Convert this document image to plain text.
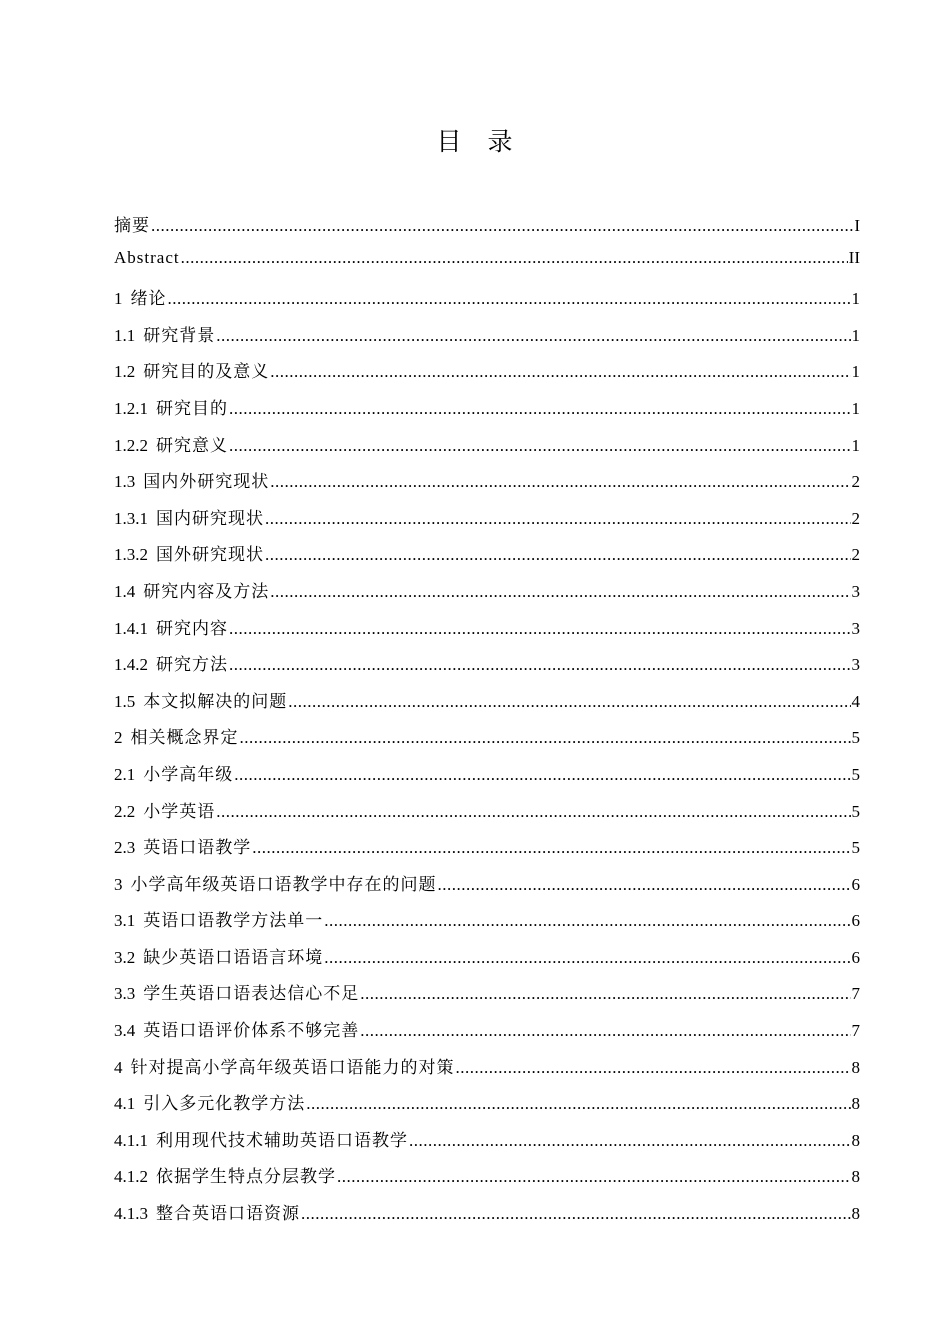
目录
摘要 .....	I
Abstract .....	II
1 绪论 .....	1
1.1 研究背景 .....	1
1.2 研究目的及意义 .....	1
1.2.1 研究目的 .....	1
1.2.2 研究意义 .....	1
1.3 国内外研究现状 .....	2
1.3.1 国内研究现状 .....	2
1.3.2 国外研究现状 .....	2
1.4 研究内容及方法 .....	3
1.4.1 研究内容 .....	3
1.4.2 研究方法 .....	3
1.5 本文拟解决的问题 .....	4
2 相关概念界定 .....	5
2.1 小学高年级 .....	5
2.2 小学英语 .....	5
2.3 英语口语教学 .....	5
3 小学高年级英语口语教学中存在的问题 .....	6
3.1 英语口语教学方法单一 .....	6
3.2 缺少英语口语语言环境 .....	6
3.3 学生英语口语表达信心不足 .....	7
3.4 英语口语评价体系不够完善 .....	7
4 针对提高小学高年级英语口语能力的对策 .....	8
4.1 引入多元化教学方法 .....	8
4.1.1 利用现代技术辅助英语口语教学 .....	8
4.1.2 依据学生特点分层教学 .....	8
4.1.3 整合英语口语资源 .....	8
